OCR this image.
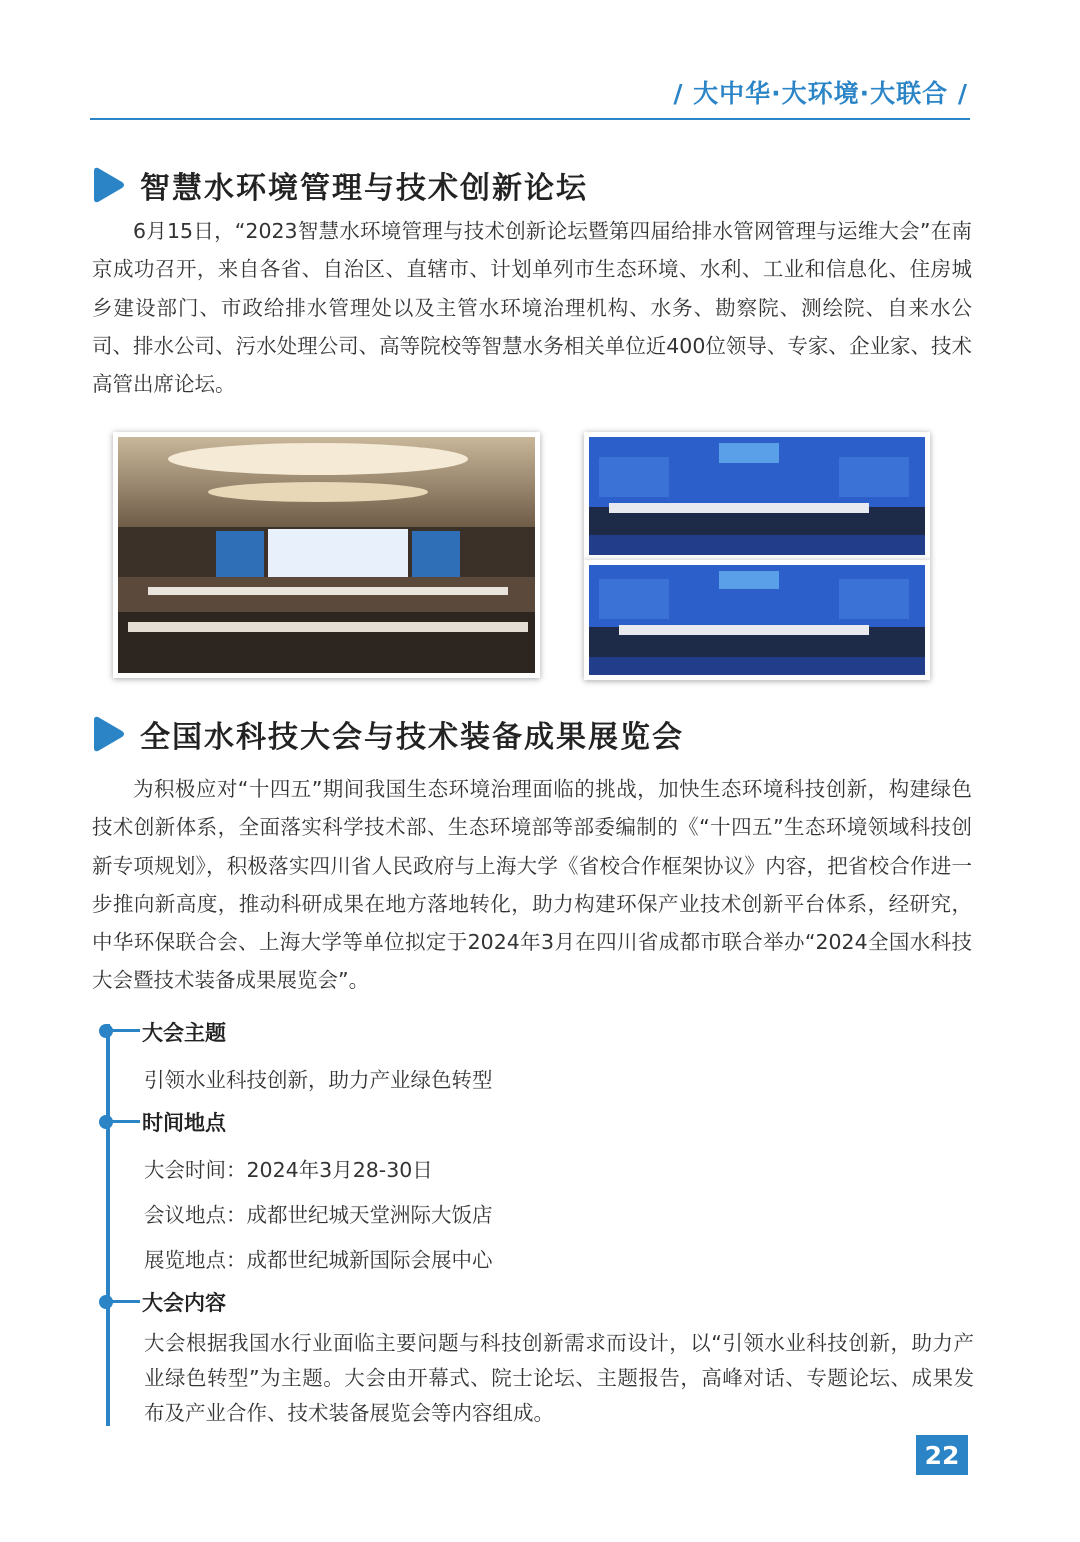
/ 大中华·大环境·大联合 /
智慧水环境管理与技术创新论坛

6月15日，“2023智慧水环境管理与技术创新论坛暨第四届给排水管网管理与运维大会”在南京成功召开，来自各省、自治区、直辖市、计划单列市生态环境、水利、工业和信息化、住房城乡建设部门、市政给排水管理处以及主管水环境治理机构、水务、勘察院、测绘院、自来水公司、排水公司、污水处理公司、高等院校等智慧水务相关单位近400位领导、专家、企业家、技术高管出席论坛。

全国水科技大会与技术装备成果展览会

为积极应对“十四五”期间我国生态环境治理面临的挑战，加快生态环境科技创新，构建绿色技术创新体系，全面落实科学技术部、生态环境部等部委编制的《“十四五”生态环境领域科技创新专项规划》，积极落实四川省人民政府与上海大学《省校合作框架协议》内容，把省校合作进一步推向新高度，推动科研成果在地方落地转化，助力构建环保产业技术创新平台体系，经研究，中华环保联合会、上海大学等单位拟定于2024年3月在四川省成都市联合举办“2024全国水科技大会暨技术装备成果展览会”。

大会主题
引领水业科技创新，助力产业绿色转型
时间地点
大会时间：2024年3月28-30日
会议地点：成都世纪城天堂洲际大饭店
展览地点：成都世纪城新国际会展中心
大会内容

大会根据我国水行业面临主要问题与科技创新需求而设计，以“引领水业科技创新，助力产业绿色转型”为主题。大会由开幕式、院士论坛、主题报告，高峰对话、专题论坛、成果发布及产业合作、技术装备展览会等内容组成。

22
